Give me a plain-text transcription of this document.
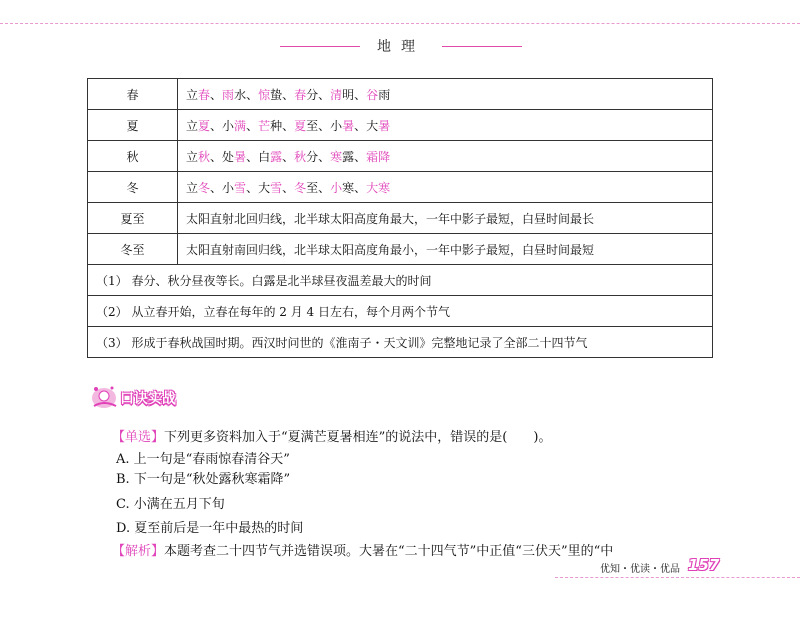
地理
春	立春、雨水、惊蛰、春分、清明、谷雨
夏	立夏、小满、芒种、夏至、小暑、大暑
秋	立秋、处暑、白露、秋分、寒露、霜降
冬	立冬、小雪、大雪、冬至、小寒、大寒
夏至	太阳直射北回归线，北半球太阳高度角最大，一年中影子最短，白昼时间最长
冬至	太阳直射南回归线，北半球太阳高度角最小，一年中影子最短，白昼时间最短
（1） 春分、秋分昼夜等长。白露是北半球昼夜温差最大的时间	
（2） 从立春开始，立春在每年的 2 月 4 日左右，每个月两个节气	
（3） 形成于春秋战国时期。西汉时问世的《淮南子・天文训》完整地记录了全部二十四节气	
口诀实战
【单选】下列更多资料加入于“夏满芒夏暑相连”的说法中，错误的是(　　)。
A. 上一句是“春雨惊春清谷天”
B. 下一句是“秋处露秋寒霜降”
C. 小满在五月下旬
D. 夏至前后是一年中最热的时间
【解析】本题考查二十四节气并选错误项。大暑在“二十四气节”中正值“三伏天”里的“中
优知・优读・优品 157
